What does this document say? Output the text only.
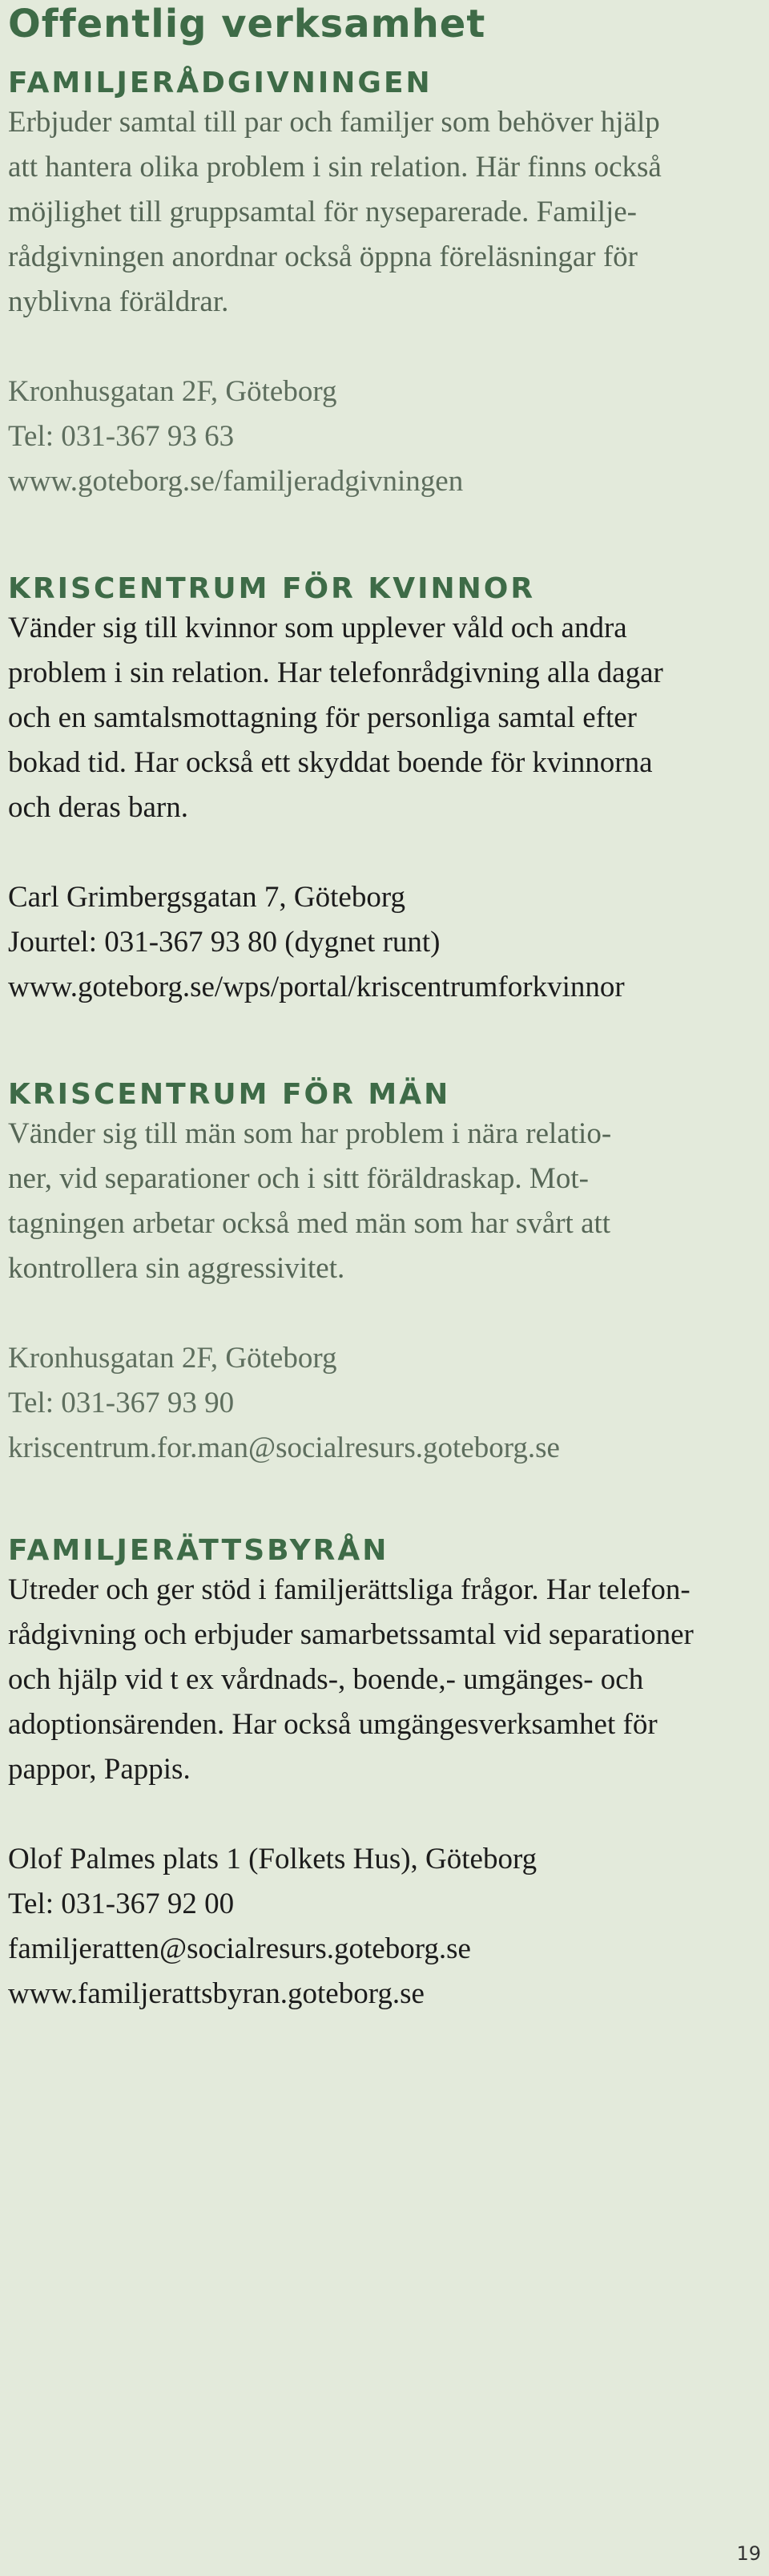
Offentlig verksamhet
FAMILJERÅDGIVNINGEN
Erbjuder samtal till par och familjer som behöver hjälp
att hantera olika problem i sin relation. Här finns också
möjlighet till gruppsamtal för nyseparerade. Familje-
rådgivningen anordnar också öppna föreläsningar för
nyblivna föräldrar.
Kronhusgatan 2F, Göteborg
Tel: 031-367 93 63
www.goteborg.se/familjeradgivningen
KRISCENTRUM FÖR KVINNOR
Vänder sig till kvinnor som upplever våld och andra
problem i sin relation. Har telefonrådgivning alla dagar
och en samtalsmottagning för personliga samtal efter
bokad tid. Har också ett skyddat boende för kvinnorna
och deras barn.
Carl Grimbergsgatan 7, Göteborg
Jourtel: 031-367 93 80 (dygnet runt)
www.goteborg.se/wps/portal/kriscentrumforkvinnor
KRISCENTRUM FÖR MÄN
Vänder sig till män som har problem i nära relatio-
ner, vid separationer och i sitt föräldraskap. Mot-
tagningen arbetar också med män som har svårt att
kontrollera sin aggressivitet.
Kronhusgatan 2F, Göteborg
Tel: 031-367 93 90
kriscentrum.for.man@socialresurs.goteborg.se
FAMILJERÄTTSBYRÅN
Utreder och ger stöd i familjerättsliga frågor. Har telefon-
rådgivning och erbjuder samarbetssamtal vid separationer
och hjälp vid t ex vårdnads-, boende,- umgänges- och
adoptionsärenden. Har också umgängesverksamhet för
pappor, Pappis.
Olof Palmes plats 1 (Folkets Hus), Göteborg
Tel: 031-367 92 00
familjeratten@socialresurs.goteborg.se
www.familjerattsbyran.goteborg.se
19
